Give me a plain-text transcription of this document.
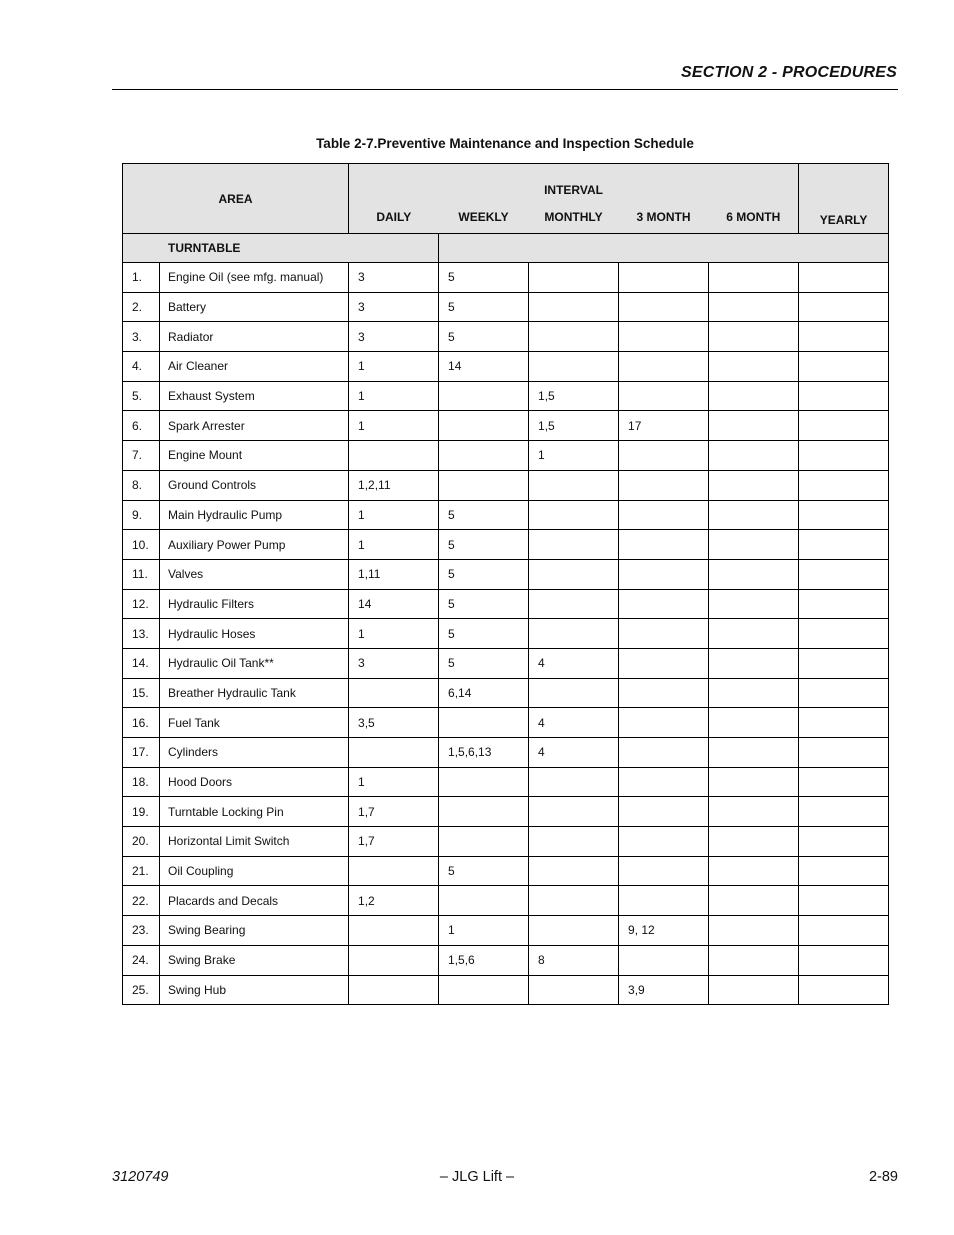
SECTION 2 - PROCEDURES
Table 2-7.Preventive Maintenance and Inspection Schedule
AREA		INTERVAL					YEARLY
		DAILY	WEEKLY	MONTHLY	3 MONTH	6 MONTH	
TURNTABLE							
1.	Engine Oil (see mfg. manual)	3	5				
2.	Battery	3	5				
3.	Radiator	3	5				
4.	Air Cleaner	1	14				
5.	Exhaust System	1		1,5			
6.	Spark Arrester	1		1,5	17		
7.	Engine Mount			1			
8.	Ground Controls	1,2,11					
9.	Main Hydraulic Pump	1	5				
10.	Auxiliary Power Pump	1	5				
11.	Valves	1,11	5				
12.	Hydraulic Filters	14	5				
13.	Hydraulic Hoses	1	5				
14.	Hydraulic Oil Tank**	3	5	4			
15.	Breather Hydraulic Tank		6,14				
16.	Fuel Tank	3,5		4			
17.	Cylinders		1,5,6,13	4			
18.	Hood Doors	1					
19.	Turntable Locking Pin	1,7					
20.	Horizontal Limit Switch	1,7					
21.	Oil Coupling		5				
22.	Placards and Decals	1,2					
23.	Swing Bearing		1		9, 12		
24.	Swing Brake		1,5,6	8			
25.	Swing Hub				3,9		
3120749	– JLG Lift –	2-89
